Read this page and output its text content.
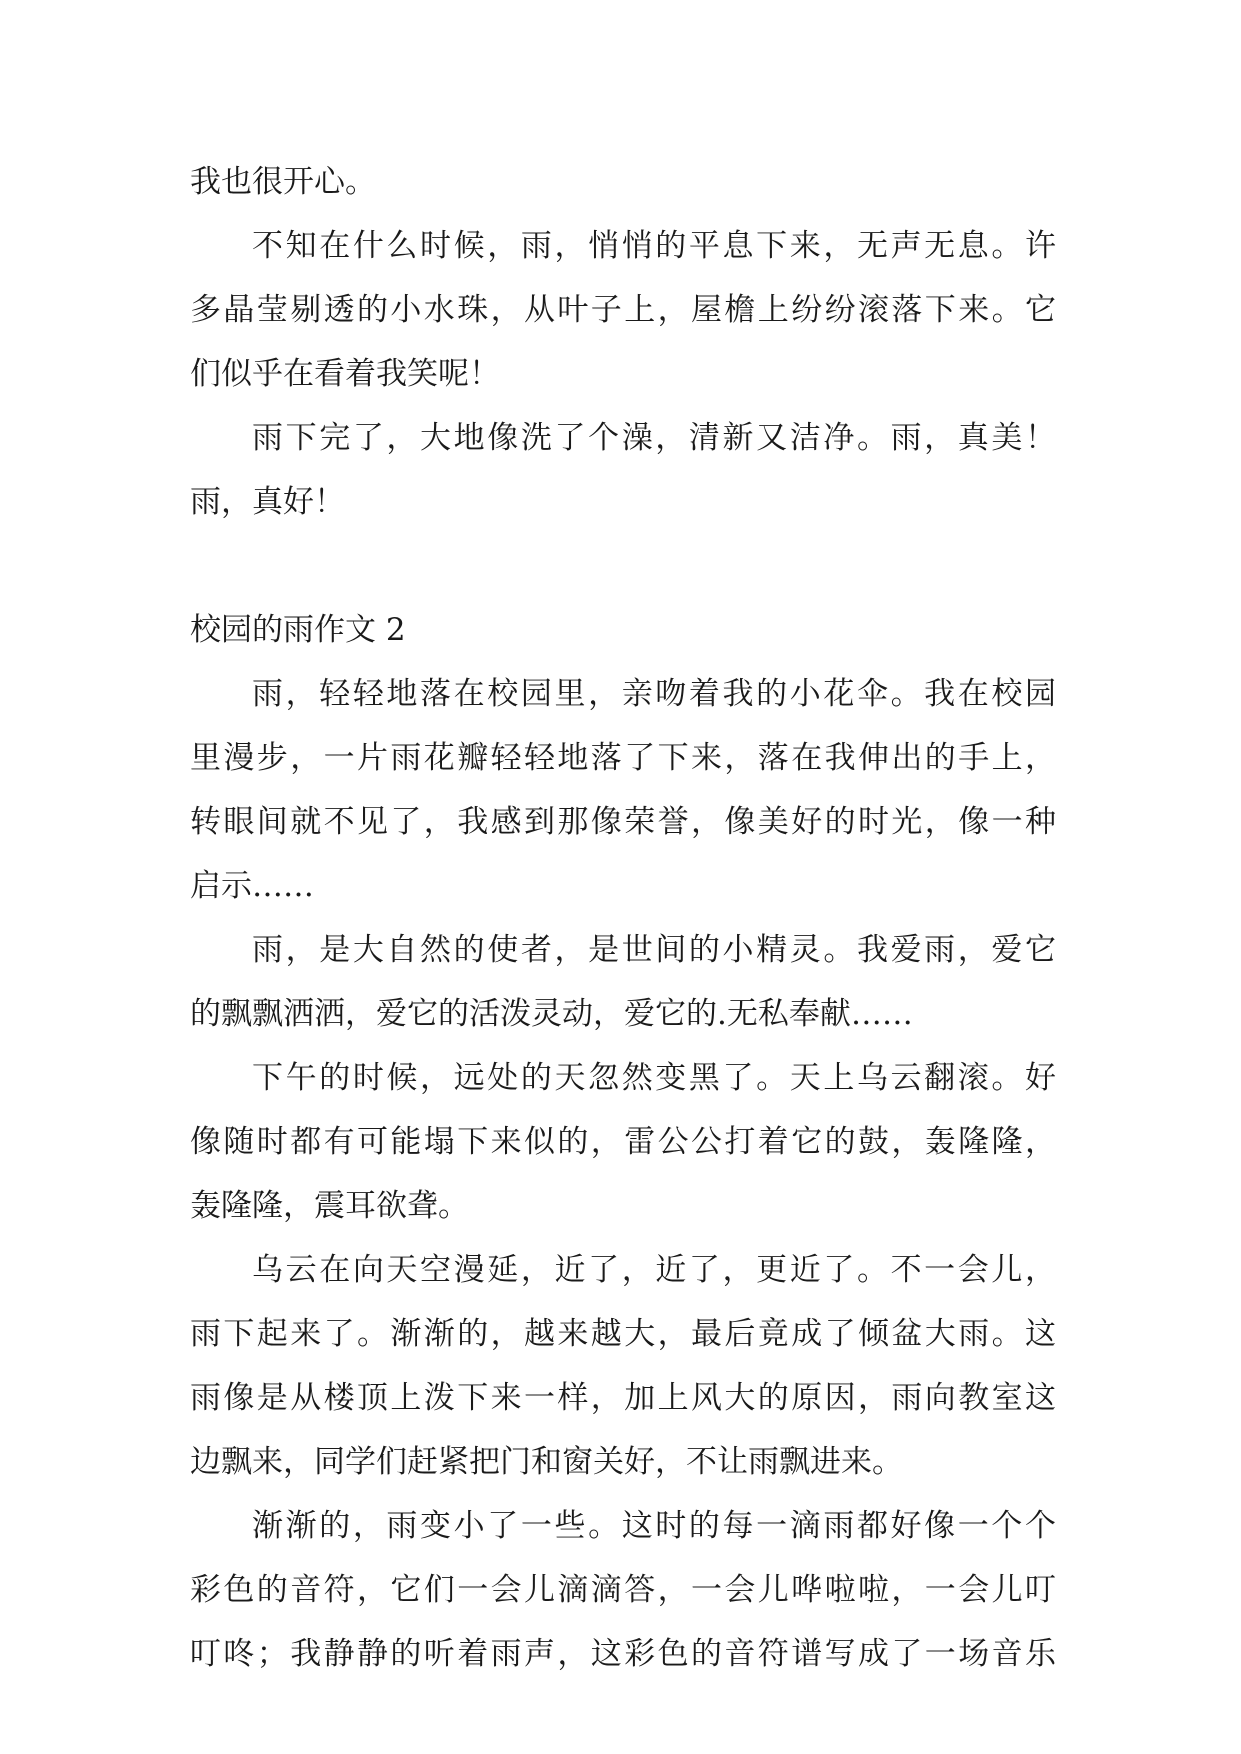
我也很开心。
不知在什么时候，雨，悄悄的平息下来，无声无息。许
多晶莹剔透的小水珠，从叶子上，屋檐上纷纷滚落下来。它
们似乎在看着我笑呢！
雨下完了，大地像洗了个澡，清新又洁净。雨，真美！
雨，真好！
校园的雨作文 2
雨，轻轻地落在校园里，亲吻着我的小花伞。我在校园
里漫步，一片雨花瓣轻轻地落了下来，落在我伸出的手上，
转眼间就不见了，我感到那像荣誉，像美好的时光，像一种
启示……
雨，是大自然的使者，是世间的小精灵。我爱雨，爱它
的飘飘洒洒，爱它的活泼灵动，爱它的.无私奉献……
下午的时候，远处的天忽然变黑了。天上乌云翻滚。好
像随时都有可能塌下来似的，雷公公打着它的鼓，轰隆隆，
轰隆隆，震耳欲聋。
乌云在向天空漫延，近了，近了，更近了。不一会儿，
雨下起来了。渐渐的，越来越大，最后竟成了倾盆大雨。这
雨像是从楼顶上泼下来一样，加上风大的原因，雨向教室这
边飘来，同学们赶紧把门和窗关好，不让雨飘进来。
渐渐的，雨变小了一些。这时的每一滴雨都好像一个个
彩色的音符，它们一会儿滴滴答，一会儿哗啦啦，一会儿叮
叮咚；我静静的听着雨声，这彩色的音符谱写成了一场音乐
